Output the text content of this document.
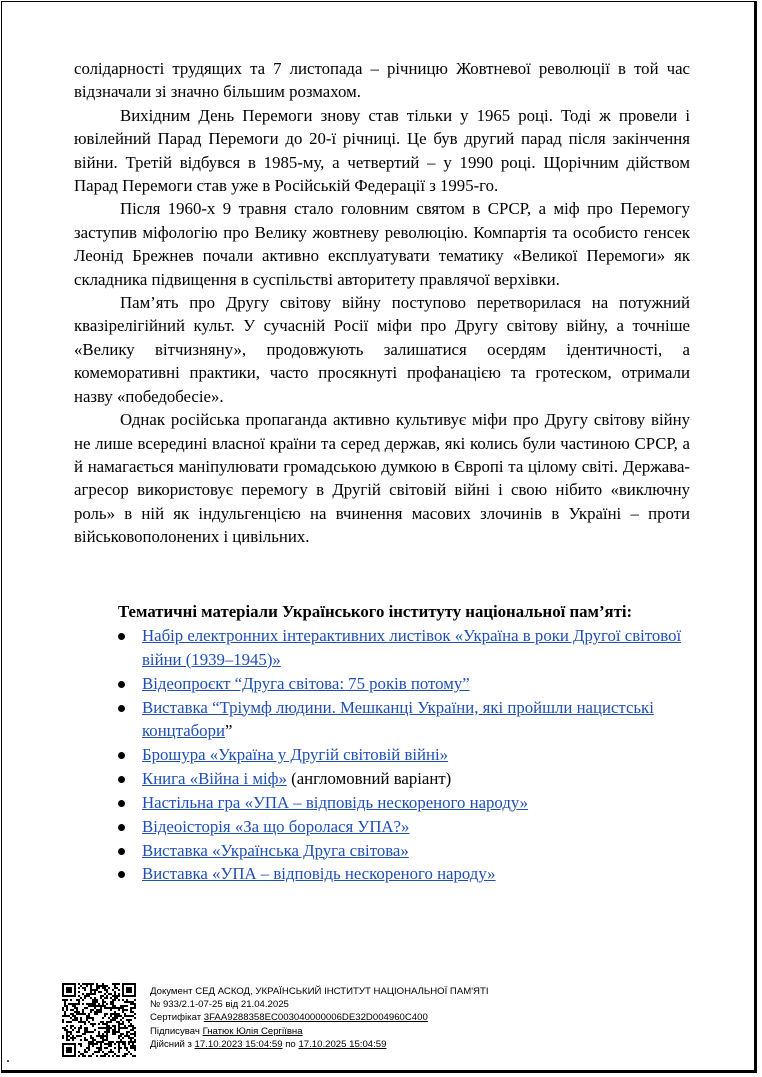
солідарності трудящих та 7 листопада – річницю Жовтневої революції в той час відзначали зі значно більшим розмахом.

Вихідним День Перемоги знову став тільки у 1965 році. Тоді ж провели і ювілейний Парад Перемоги до 20-ї річниці. Це був другий парад після закінчення війни. Третій відбувся в 1985-му, а четвертий – у 1990 році. Щорічним дійством Парад Перемоги став уже в Російській Федерації з 1995-го.

Після 1960-х 9 травня стало головним святом в СРСР, а міф про Перемогу заступив міфологію про Велику жовтневу революцію. Компартія та особисто генсек Леонід Брежнев почали активно експлуатувати тематику «Великої Перемоги» як складника підвищення в суспільстві авторитету правлячої верхівки.

Пам’ять про Другу світову війну поступово перетворилася на потужний квазірелігійний культ. У сучасній Росії міфи про Другу світову війну, а точніше «Велику вітчизняну», продовжують залишатися осердям ідентичності, а комеморативні практики, часто просякнуті профанацією та гротеском, отримали назву «победобесіе».

Однак російська пропаганда активно культивує міфи про Другу світову війну не лише всередині власної країни та серед держав, які колись були частиною СРСР, а й намагається маніпулювати громадською думкою в Європі та цілому світі. Держава-агресор використовує перемогу в Другій світовій війні і свою нібито «виключну роль» в ній як індульгенцією на вчинення масових злочинів в Україні – проти військовополонених і цивільних.

Тематичні матеріали Українського інституту національної пам’яті:
Набір електронних інтерактивних листівок «Україна в роки Другої світової війни (1939–1945)»
Відеопроєкт “Друга світова: 75 років потому”
Виставка “Тріумф людини. Мешканці України, які пройшли нацистські концтабори”
Брошура «Україна у Другій світовій війні»
Книга «Війна і міф» (англомовний варіант)
Настільна гра «УПА – відповідь нескореного народу»
Відеоісторія «За що боролася УПА?»
Виставка «Українська Друга світова»
Виставка «УПА – відповідь нескореного народу»
Документ СЕД АСКОД, УКРАЇНСЬКИЙ ІНСТИТУТ НАЦІОНАЛЬНОЇ ПАМ'ЯТІ
№ 933/2.1-07-25 від 21.04.2025
Сертифікат 3FAA9288358EC003040000006DE32D004960C400
Підписувач Гнатюк Юлія Сергіївна
Дійсний з 17.10.2023 15:04:59 по 17.10.2025 15:04:59
